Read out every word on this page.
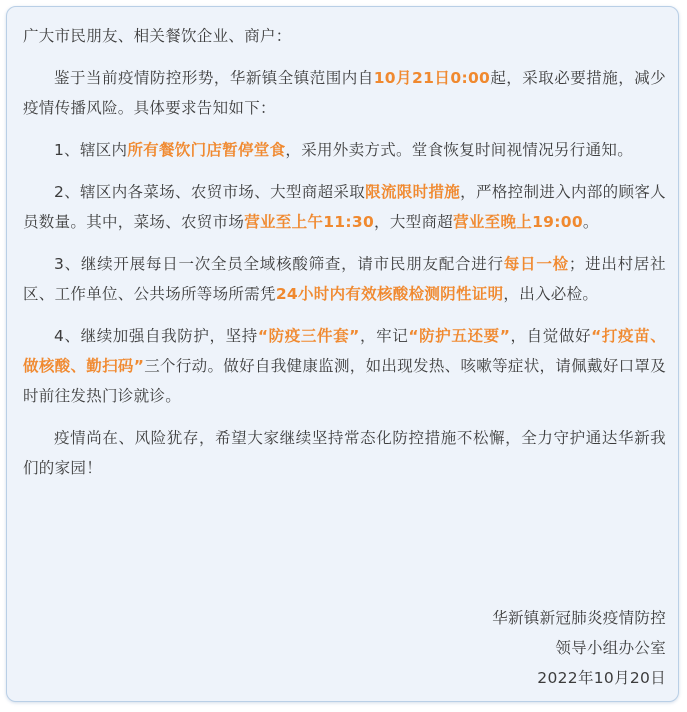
广大市民朋友、相关餐饮企业、商户：

鉴于当前疫情防控形势，华新镇全镇范围内自10月21日0:00起，采取必要措施，减少疫情传播风险。具体要求告知如下：

1、辖区内所有餐饮门店暂停堂食，采用外卖方式。堂食恢复时间视情况另行通知。

2、辖区内各菜场、农贸市场、大型商超采取限流限时措施，严格控制进入内部的顾客人员数量。其中，菜场、农贸市场营业至上午11:30，大型商超营业至晚上19:00。

3、继续开展每日一次全员全域核酸筛查，请市民朋友配合进行每日一检；进出村居社区、工作单位、公共场所等场所需凭24小时内有效核酸检测阴性证明，出入必检。

4、继续加强自我防护，坚持“防疫三件套”，牢记“防护五还要”，自觉做好“打疫苗、做核酸、勤扫码”三个行动。做好自我健康监测，如出现发热、咳嗽等症状，请佩戴好口罩及时前往发热门诊就诊。

疫情尚在、风险犹存，希望大家继续坚持常态化防控措施不松懈，全力守护通达华新我们的家园！

华新镇新冠肺炎疫情防控
领导小组办公室
2022年10月20日
